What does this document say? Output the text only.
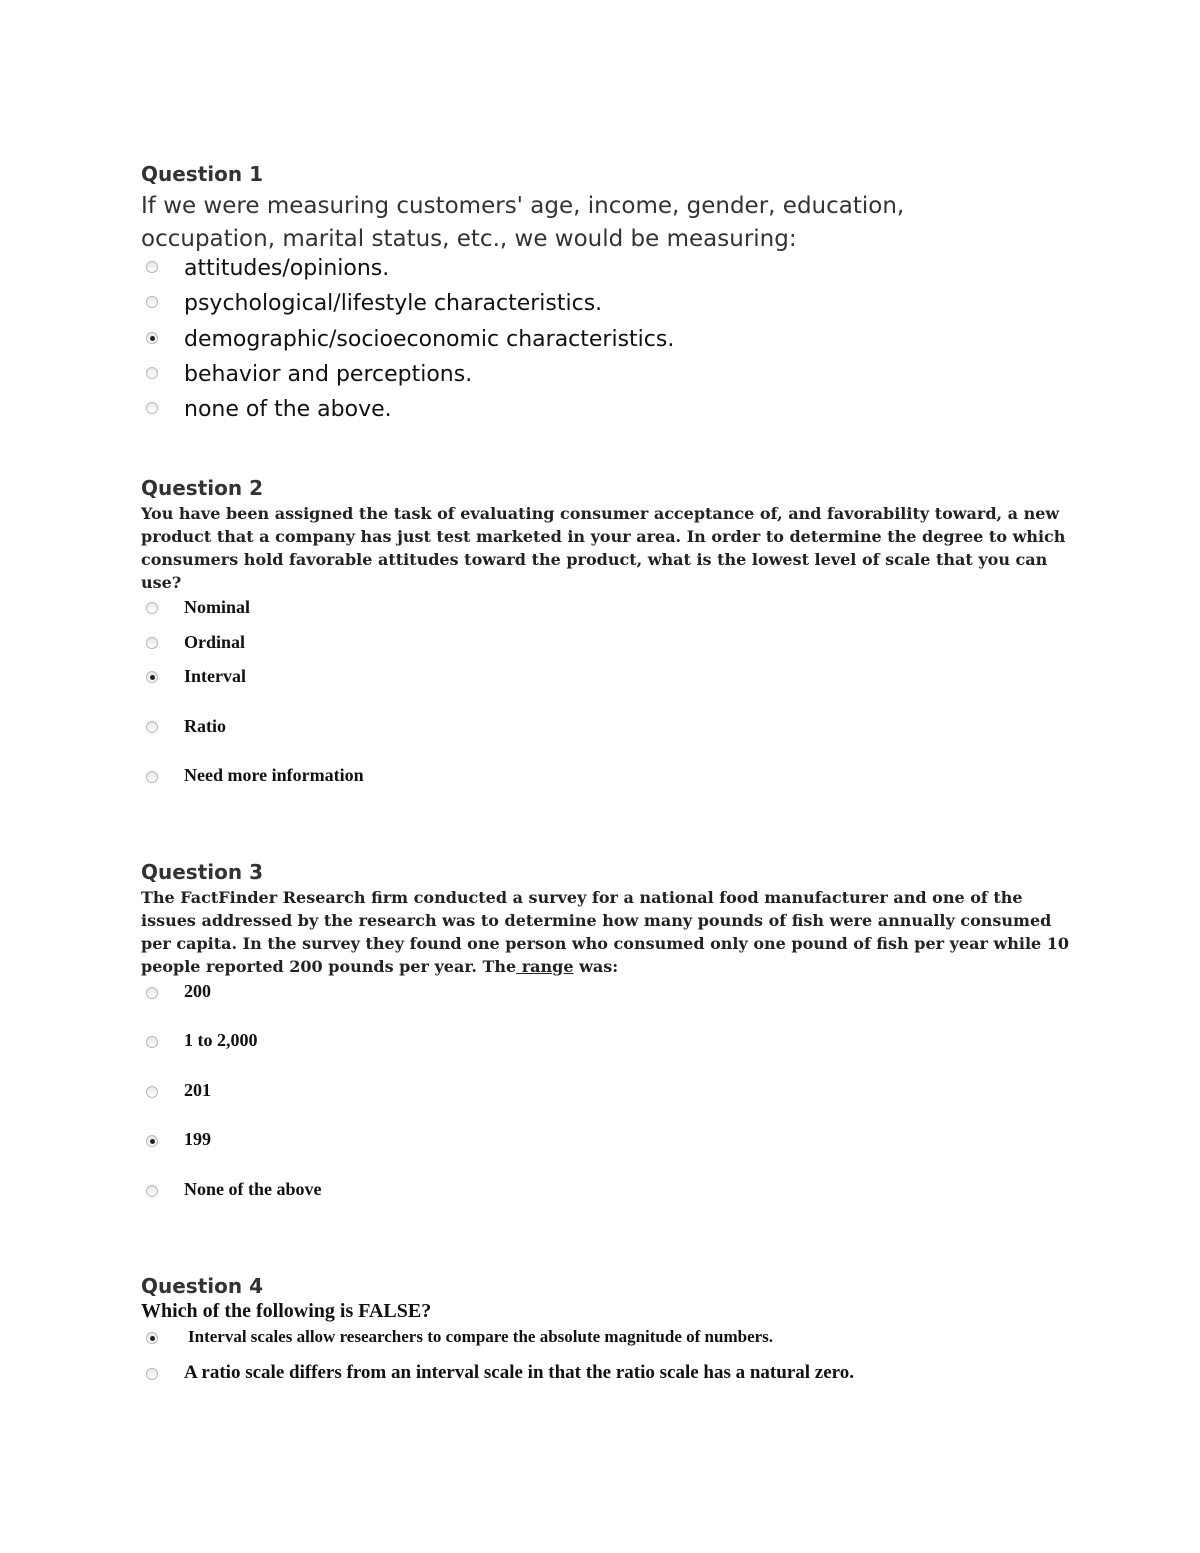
Question 1
If we were measuring customers' age, income, gender, education, occupation, marital status, etc., we would be measuring:
attitudes/opinions.
psychological/lifestyle characteristics.
demographic/socioeconomic characteristics.
behavior and perceptions.
none of the above.
Question 2
You have been assigned the task of evaluating consumer acceptance of, and favorability toward, a new product that a company has just test marketed in your area. In order to determine the degree to which consumers hold favorable attitudes toward the product, what is the lowest level of scale that you can use?
Nominal
Ordinal
Interval
Ratio
Need more information
Question 3
The FactFinder Research firm conducted a survey for a national food manufacturer and one of the issues addressed by the research was to determine how many pounds of fish were annually consumed per capita. In the survey they found one person who consumed only one pound of fish per year while 10 people reported 200 pounds per year. The range was:
200
1 to 2,000
201
199
None of the above
Question 4
Which of the following is FALSE?
Interval scales allow researchers to compare the absolute magnitude of numbers.
A ratio scale differs from an interval scale in that the ratio scale has a natural zero.
